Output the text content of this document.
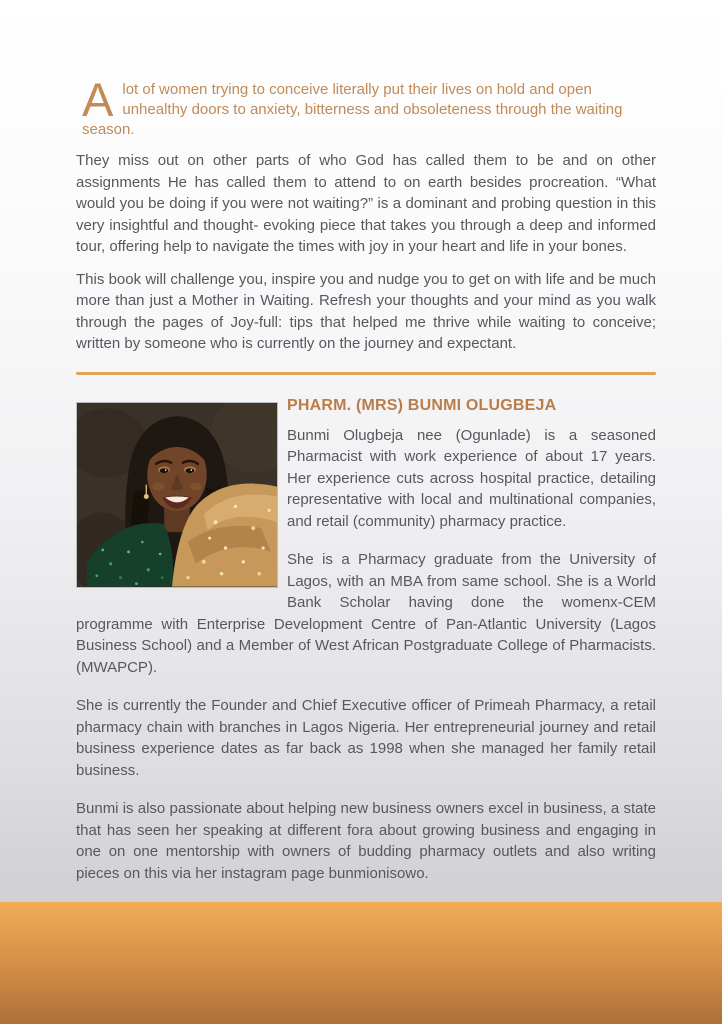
Alot of women trying to conceive literally put their lives on hold and open unhealthy doors to anxiety, bitterness and obsoleteness through the waiting season.

They miss out on other parts of who God has called them to be and on other assignments He has called them to attend to on earth besides procreation. “What would you be doing if you were not waiting?” is a dominant and probing question in this very insightful and thought- evoking piece that takes you through a deep and informed tour, offering help to navigate the times with joy in your heart and life in your bones.

This book will challenge you, inspire you and nudge you to get on with life and be much more than just a Mother in Waiting. Refresh your thoughts and your mind as you walk through the pages of Joy-full: tips that helped me thrive while waiting to conceive; written by someone who is currently on the journey and expectant.

PHARM. (MRS) BUNMI OLUGBEJA

Bunmi Olugbeja nee (Ogunlade) is a seasoned Pharmacist with work experience of about 17 years. Her experience cuts across hospital practice, detailing representative with local and multinational companies, and retail (community) pharmacy practice.

She is a Pharmacy graduate from the University of Lagos, with an MBA from same school. She is a World Bank Scholar having done the womenx-CEM programme with Enterprise Development Centre of Pan-Atlantic University (Lagos Business School) and a Member of West African Postgraduate College of Pharmacists. (MWAPCP).

She is currently the Founder and Chief Executive officer of Primeah Pharmacy, a retail pharmacy chain with branches in Lagos Nigeria. Her entrepreneurial journey and retail business experience dates as far back as 1998 when she managed her family retail business.

Bunmi is also passionate about helping new business owners excel in business, a state that has seen her speaking at different fora about growing business and engaging in one on one mentorship with owners of budding pharmacy outlets and also writing pieces on this via her instagram page bunmionisowo.
